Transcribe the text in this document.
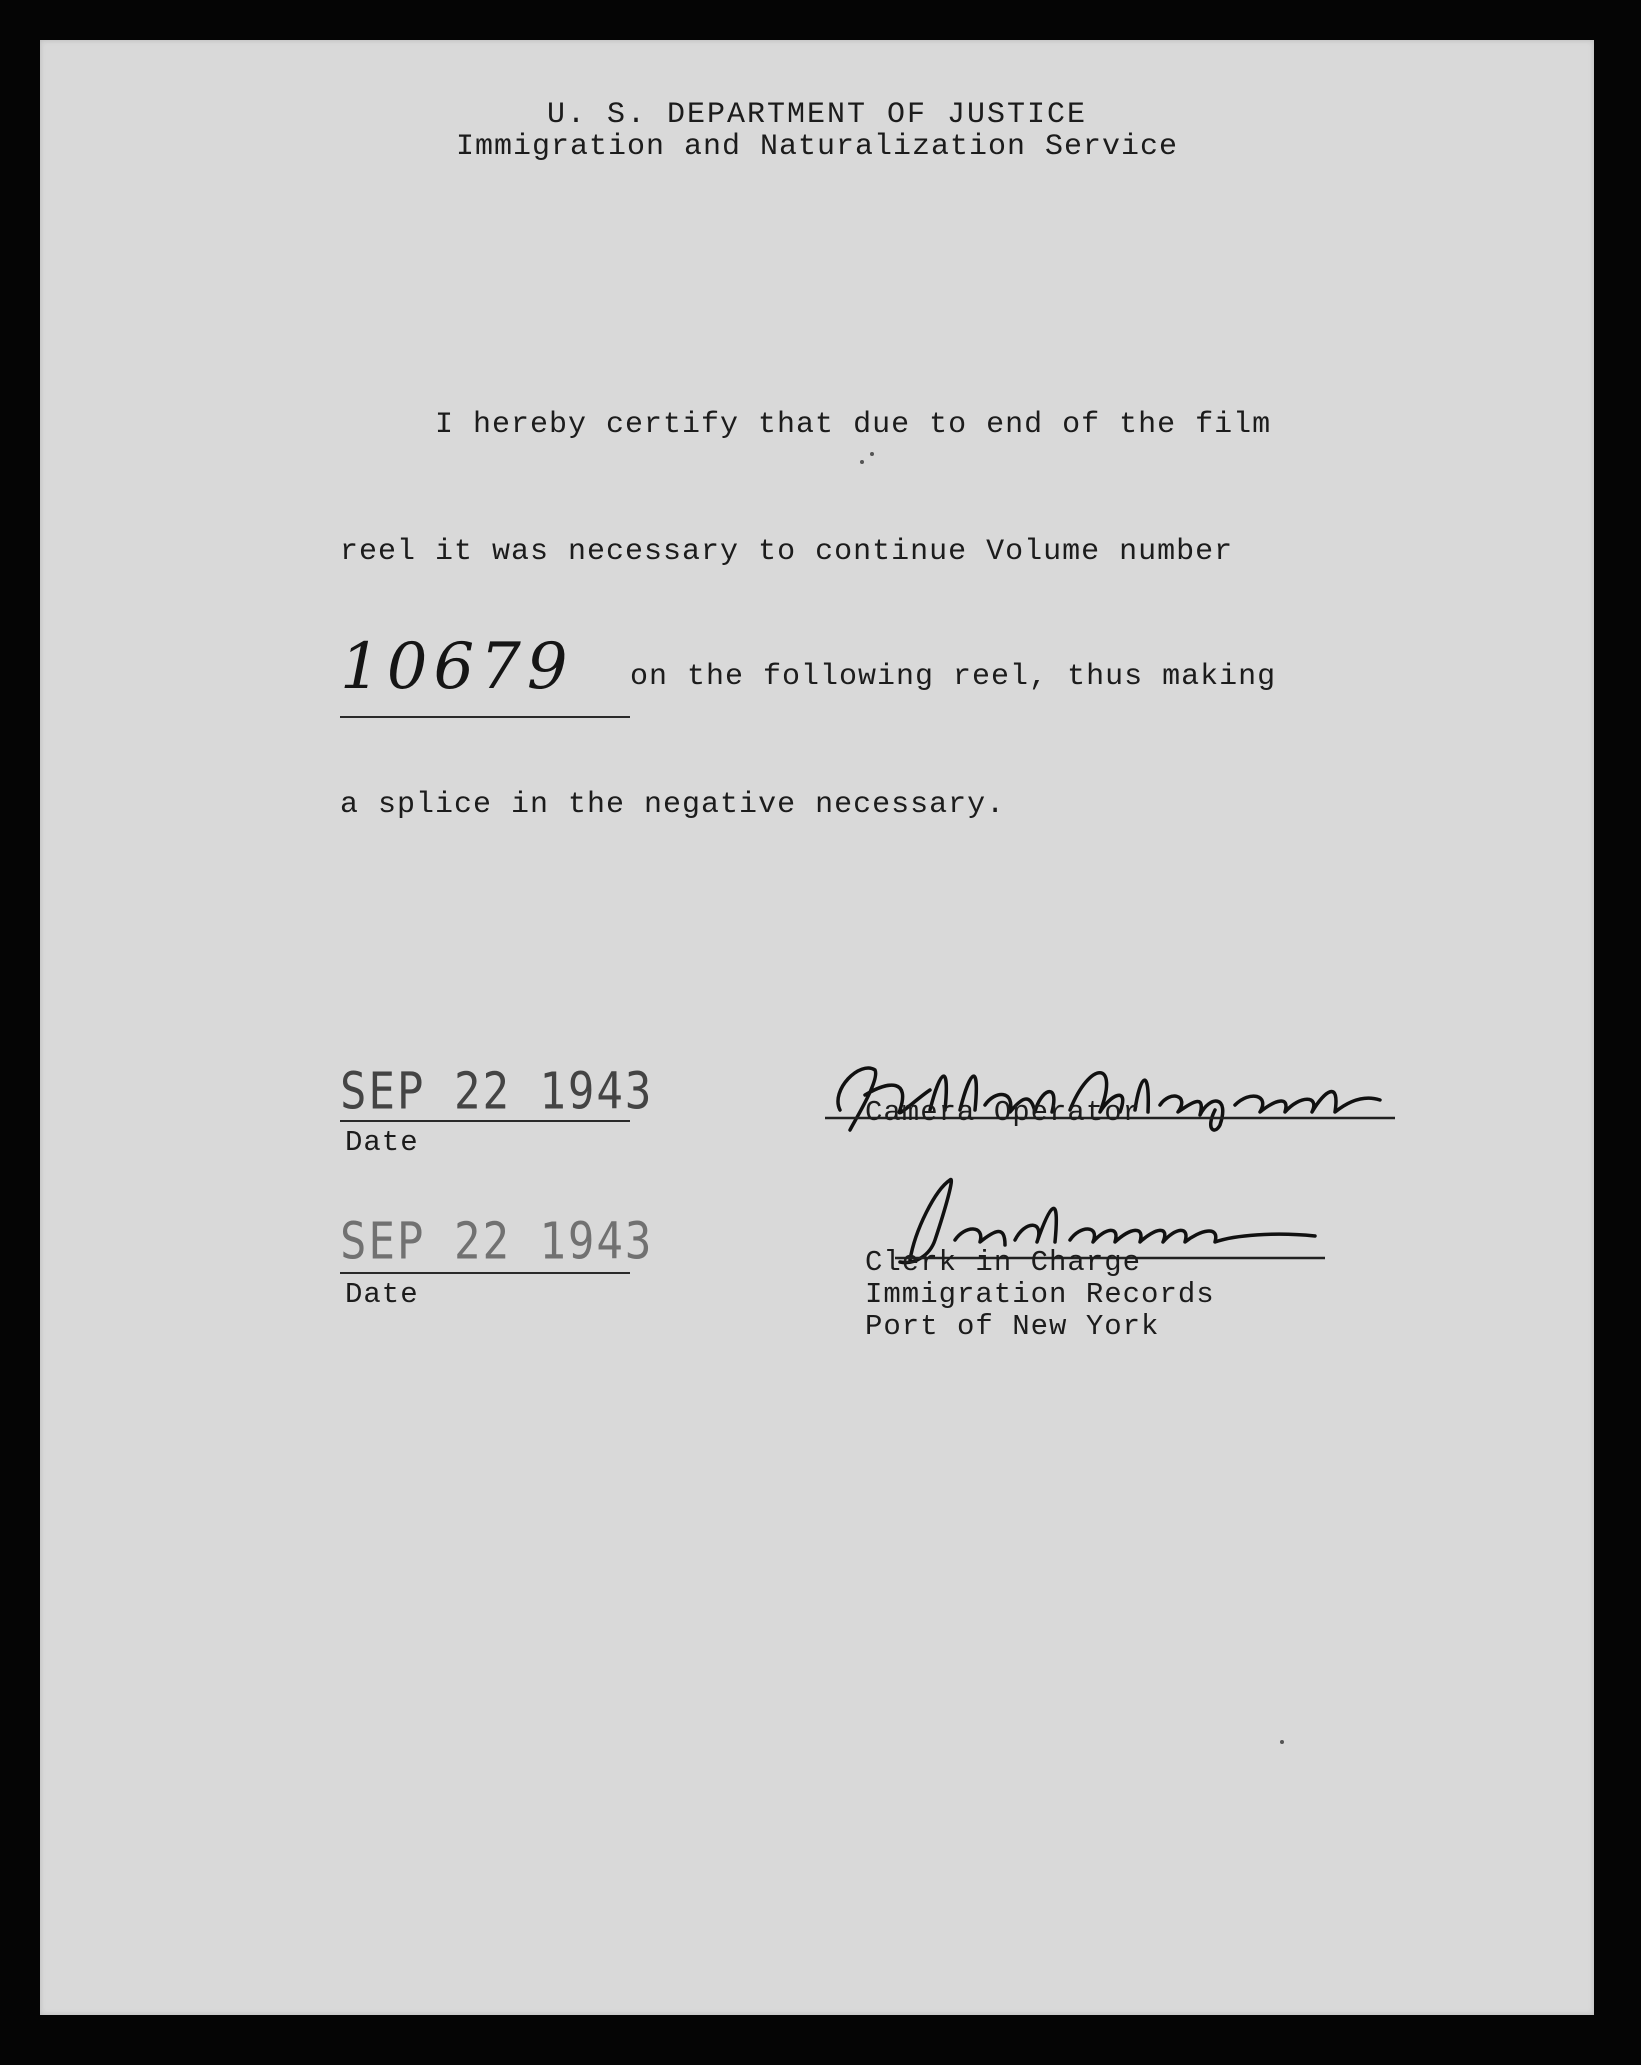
U. S. DEPARTMENT OF JUSTICE
Immigration and Naturalization Service
I hereby certify that due to end of the film
reel it was necessary to continue Volume number
10679 on the following reel, thus making
a splice in the negative necessary.
SEP 22 1943
Date
Camera Operator
SEP 22 1943
Date
Clerk in Charge
Immigration Records
Port of New York
